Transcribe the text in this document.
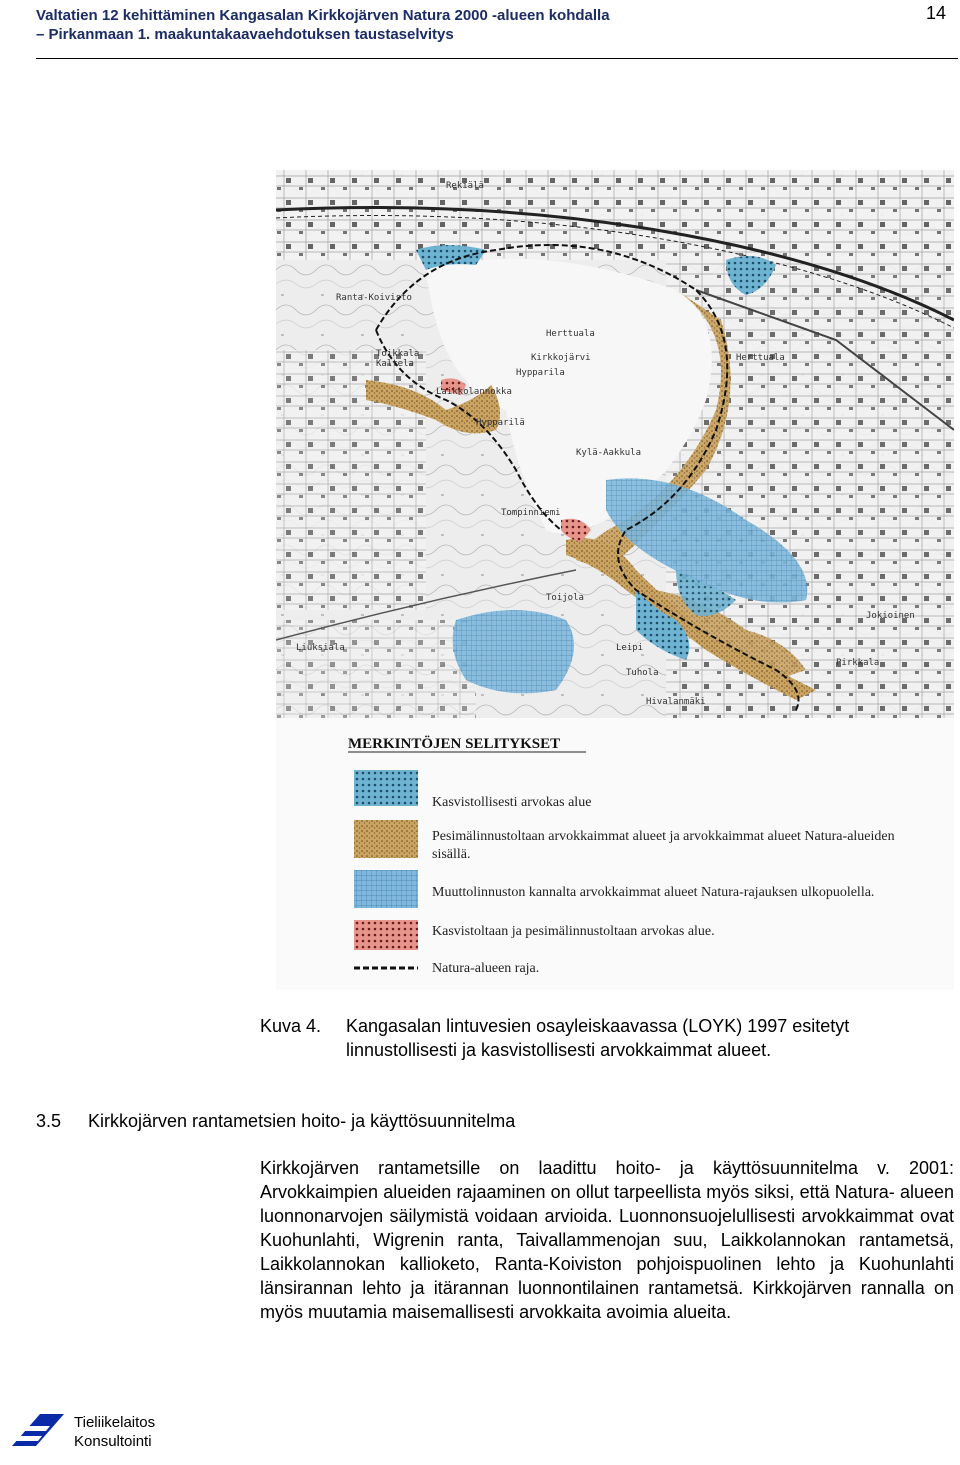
Valtatien 12 kehittäminen Kangasalan Kirkkojärven Natura 2000 -alueen kohdalla
– Pirkanmaan 1. maakuntakaavaehdotuksen taustaselvitys
14
Rekiälä
Ranta-Koivisto
Toikkala
Kaltela
Herttuala
Kirkkojärvi
Hypparila
Hypparilä
Kylä-Aakkula
Tompinniemi
Herttuala
Laikkolannokka
Liuksiala
Toijola
Leipi
Tuhola
Hivalanmäki
Jokioinen
Pirkkala
MERKINTÖJEN SELITYKSET
Kasvistollisesti arvokas alue
Pesimälinnustoltaan arvokkaimmat alueet ja arvokkaimmat alueet Natura-alueiden
sisällä.
Muuttolinnuston kannalta arvokkaimmat alueet Natura-rajauksen ulkopuolella.
Kasvistoltaan ja pesimälinnustoltaan arvokas alue.
Natura-alueen raja.
Kuva 4.	Kangasalan lintuvesien osayleiskaavassa (LOYK) 1997 esitetyt linnustollisesti ja kasvistollisesti arvokkaimmat alueet.
3.5 Kirkkojärven rantametsien hoito- ja käyttösuunnitelma

Kirkkojärven rantametsille on laadittu hoito- ja käyttösuunnitelma v. 2001: Arvokkaimpien alueiden rajaaminen on ollut tarpeellista myös siksi, että Natura- alueen luonnonarvojen säilymistä voidaan arvioida. Luonnonsuojelullisesti arvokkaimmat ovat Kuohunlahti, Wigrenin ranta, Taivallammenojan suu, Laikkolannokan rantametsä, Laikkolannokan kallioketo, Ranta-Koiviston pohjoispuolinen lehto ja Kuohunlahti länsirannan lehto ja itärannan luonnontilainen rantametsä. Kirkkojärven rannalla on myös muutamia maisemallisesti arvokkaita avoimia alueita.

Tieliikelaitos
Konsultointi
